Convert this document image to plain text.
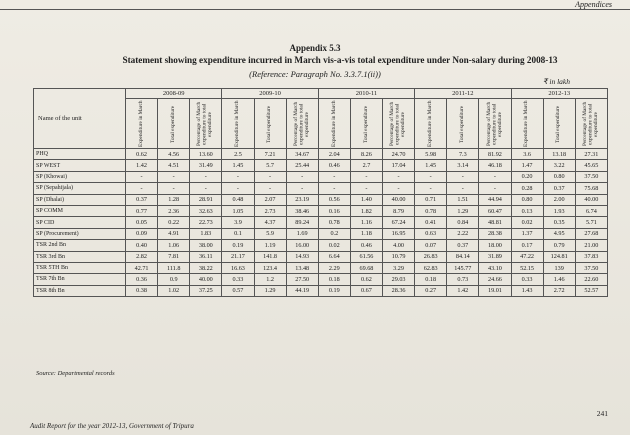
Appendices
Appendix 5.3
Statement showing expenditure incurred in March vis-a-vis total expenditure under Non-salary during 2008-13
(Reference: Paragraph No. 3.3.7.1(ii))
₹ in lakh
Name of the unit	2008-09			2009-10			2010-11			2011-12			2012-13		

	Expenditure in March	Total expenditure	Percentage of March expenditure to total expenditure	Expenditure in March	Total expenditure	Percentage of March expenditure to total expenditure	Expenditure in March	Total expenditure	Percentage of March expenditure to total expenditure	Expenditure in March	Total expenditure	Percentage of March expenditure to total expenditure	Expenditure in March	Total expenditure	Percentage of March expenditure to total expenditure

PHQ	0.62	4.56	13.60	2.5	7.21	34.67	2.04	8.26	24.70	5.98	7.3	81.92	3.6	13.18	27.31
SP WEST	1.42	4.51	31.49	1.45	5.7	25.44	0.46	2.7	17.04	1.45	3.14	46.18	1.47	3.22	45.65
SP (Khowai)	-	-	-	-	-	-	-	-	-	-	-	-	0.20	0.80	37.50
SP (Sepahijala)	-	-	-	-	-	-	-	-	-	-	-	-	0.28	0.37	75.68
SP (Dhalai)	0.37	1.28	28.91	0.48	2.07	23.19	0.56	1.40	40.00	0.71	1.51	44.94	0.80	2.00	40.00
SP COMM	0.77	2.36	32.63	1.05	2.73	38.46	0.16	1.82	8.79	0.78	1.29	60.47	0.13	1.93	6.74
SP CID	0.05	0.22	22.73	3.9	4.37	89.24	0.78	1.16	67.24	0.41	0.84	48.81	0.02	0.35	5.71
SP (Procurement)	0.09	4.91	1.83	0.1	5.9	1.69	0.2	1.18	16.95	0.63	2.22	28.38	1.37	4.95	27.68
TSR 2nd Bn	0.40	1.06	38.00	0.19	1.19	16.00	0.02	0.46	4.00	0.07	0.37	18.00	0.17	0.79	21.00
TSR 3rd Bn	2.82	7.81	36.11	21.17	141.8	14.93	6.64	61.56	10.79	26.83	84.14	31.89	47.22	124.81	37.83
TSR 5TH Bn	42.71	111.8	38.22	16.63	123.4	13.48	2.29	69.68	3.29	62.83	145.77	43.10	52.15	139	37.50
TSR 7th Bn	0.36	0.9	40.00	0.33	1.2	27.50	0.18	0.62	29.03	0.18	0.73	24.66	0.33	1.46	22.60
TSR 8th Bn	0.38	1.02	37.25	0.57	1.29	44.19	0.19	0.67	28.36	0.27	1.42	19.01	1.43	2.72	52.57
Source: Departmental records
241
Audit Report for the year 2012-13, Government of Tripura
